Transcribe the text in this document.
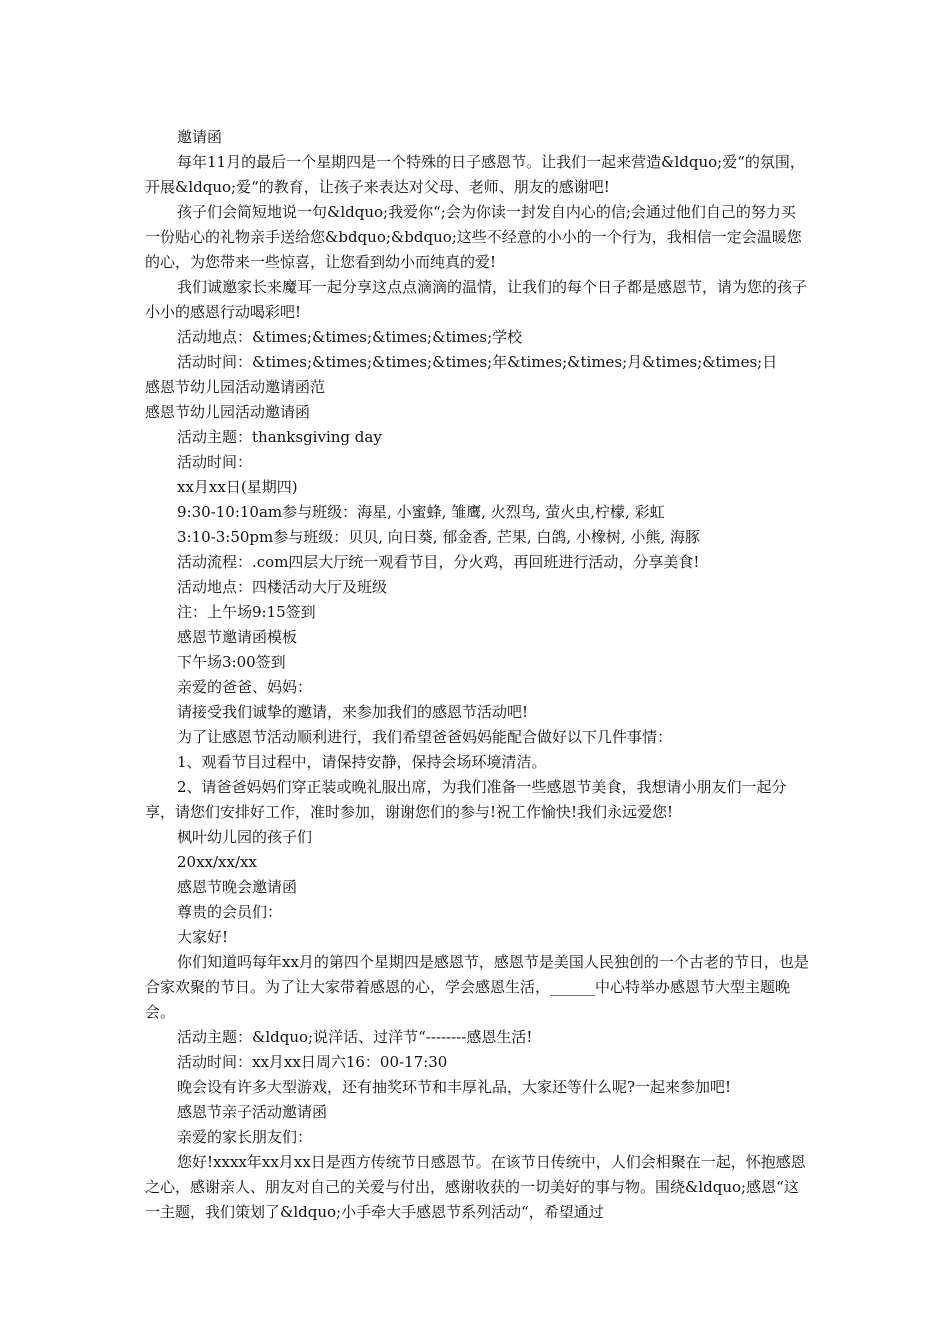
邀请函

每年11月的最后一个星期四是一个特殊的日子感恩节。让我们一起来营造&ldquo;爱“的氛围，开展&ldquo;爱“的教育，让孩子来表达对父母、老师、朋友的感谢吧!

孩子们会简短地说一句&ldquo;我爱你“;会为你读一封发自内心的信;会通过他们自己的努力买一份贴心的礼物亲手送给您&bdquo;&bdquo;这些不经意的小小的一个行为，我相信一定会温暖您的心，为您带来一些惊喜，让您看到幼小而纯真的爱!

我们诚邀家长来魔耳一起分享这点点滴滴的温情，让我们的每个日子都是感恩节，请为您的孩子小小的感恩行动喝彩吧!

活动地点：&times;&times;&times;&times;学校

活动时间：&times;&times;&times;&times;年&times;&times;月&times;&times;日

感恩节幼儿园活动邀请函范

感恩节幼儿园活动邀请函

活动主题：thanksgiving day

活动时间：

xx月xx日(星期四)

9:30-10:10am参与班级：海星, 小蜜蜂, 雏鹰, 火烈鸟, 萤火虫,柠檬, 彩虹

3:10-3:50pm参与班级：贝贝, 向日葵, 郁金香, 芒果, 白鸽, 小橡树, 小熊, 海豚

活动流程：.com四层大厅统一观看节目，分火鸡，再回班进行活动，分享美食!

活动地点：四楼活动大厅及班级

注：上午场9:15签到

感恩节邀请函模板

下午场3:00签到

亲爱的爸爸、妈妈：

请接受我们诚挚的邀请，来参加我们的感恩节活动吧!

为了让感恩节活动顺利进行，我们希望爸爸妈妈能配合做好以下几件事情：

1、观看节目过程中，请保持安静，保持会场环境清洁。

2、请爸爸妈妈们穿正装或晚礼服出席，为我们准备一些感恩节美食，我想请小朋友们一起分享，请您们安排好工作，准时参加，谢谢您们的参与!祝工作愉快!我们永远爱您!

枫叶幼儿园的孩子们

20xx/xx/xx

感恩节晚会邀请函

尊贵的会员们：

大家好!

你们知道吗每年xx月的第四个星期四是感恩节，感恩节是美国人民独创的一个古老的节日，也是合家欢聚的节日。为了让大家带着感恩的心，学会感恩生活，______中心特举办感恩节大型主题晚会。

活动主题：&ldquo;说洋话、过洋节“--------感恩生活!

活动时间：xx月xx日周六16：00-17:30

晚会设有许多大型游戏，还有抽奖环节和丰厚礼品，大家还等什么呢?一起来参加吧!

感恩节亲子活动邀请函

亲爱的家长朋友们：

您好!xxxx年xx月xx日是西方传统节日感恩节。在该节日传统中，人们会相聚在一起，怀抱感恩之心，感谢亲人、朋友对自己的关爱与付出，感谢收获的一切美好的事与物。围绕&ldquo;感恩“这一主题，我们策划了&ldquo;小手牵大手感恩节系列活动“，希望通过
